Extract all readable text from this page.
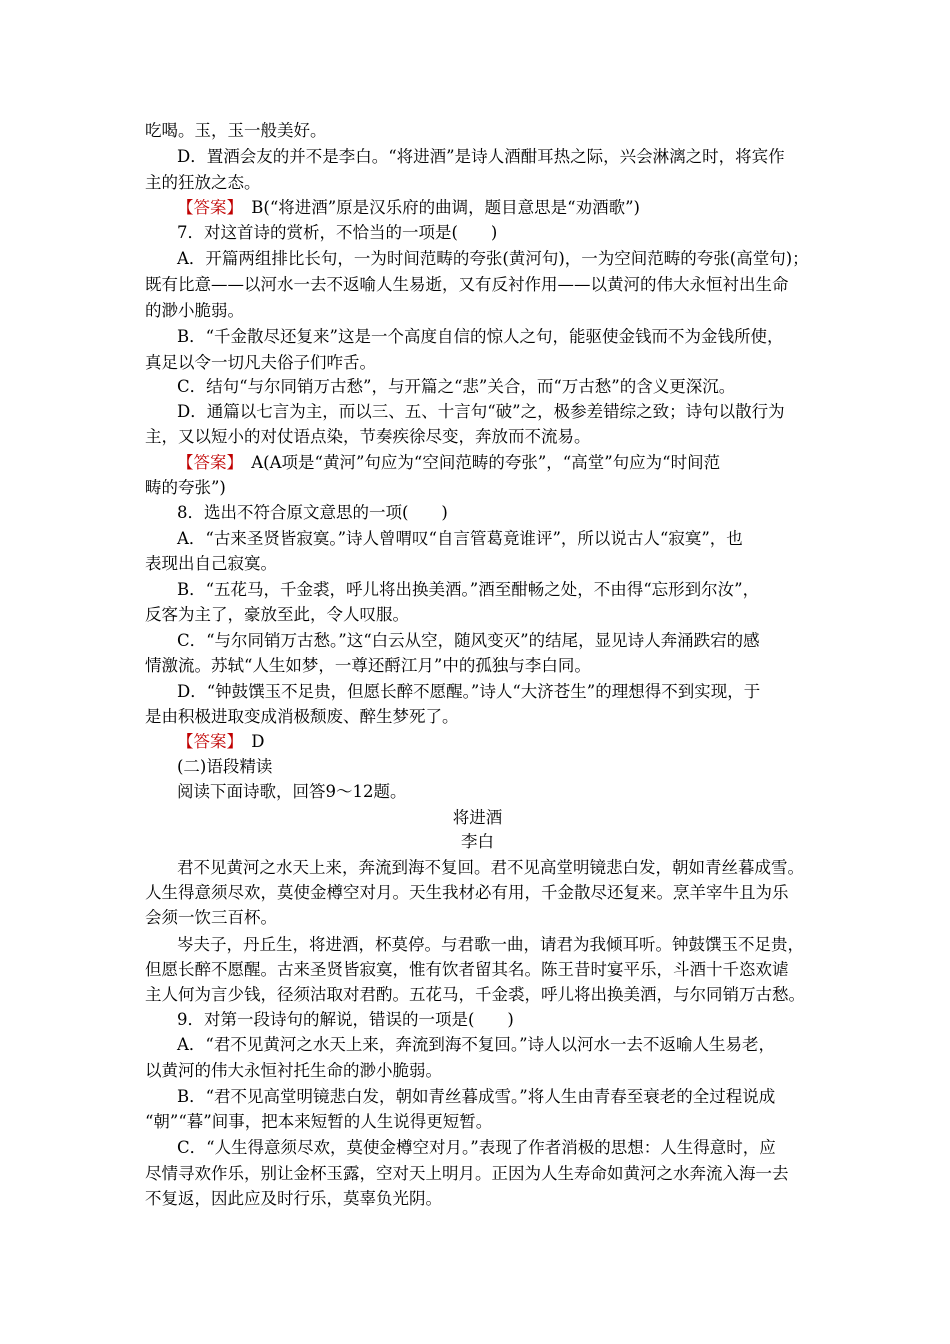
吃喝。玉，玉一般美好。
D．置酒会友的并不是李白。“将进酒”是诗人酒酣耳热之际，兴会淋漓之时，将宾作
主的狂放之态。
【答案】　B(“将进酒”原是汉乐府的曲调，题目意思是“劝酒歌”)
7．对这首诗的赏析，不恰当的一项是(　　)
A．开篇两组排比长句，一为时间范畴的夸张(黄河句)，一为空间范畴的夸张(高堂句)；
既有比意——以河水一去不返喻人生易逝，又有反衬作用——以黄河的伟大永恒衬出生命
的渺小脆弱。
B．“千金散尽还复来”这是一个高度自信的惊人之句，能驱使金钱而不为金钱所使，
真足以令一切凡夫俗子们咋舌。
C．结句“与尔同销万古愁”，与开篇之“悲”关合，而“万古愁”的含义更深沉。
D．通篇以七言为主，而以三、五、十言句“破”之，极参差错综之致；诗句以散行为
主，又以短小的对仗语点染，节奏疾徐尽变，奔放而不流易。
【答案】　A(A项是“黄河”句应为“空间范畴的夸张”，“高堂”句应为“时间范
畴的夸张”)
8．选出不符合原文意思的一项(　　)
A．“古来圣贤皆寂寞。”诗人曾喟叹“自言管葛竟谁评”，所以说古人“寂寞”，也
表现出自己寂寞。
B．“五花马，千金裘，呼儿将出换美酒。”酒至酣畅之处，不由得“忘形到尔汝”，
反客为主了，豪放至此，令人叹服。
C．“与尔同销万古愁。”这“白云从空，随风变灭”的结尾，显见诗人奔涌跌宕的感
情激流。苏轼“人生如梦，一尊还酹江月”中的孤独与李白同。
D．“钟鼓馔玉不足贵，但愿长醉不愿醒。”诗人“大济苍生”的理想得不到实现，于
是由积极进取变成消极颓废、醉生梦死了。
【答案】　D
(二)语段精读
阅读下面诗歌，回答9～12题。
将进酒
李白
君不见黄河之水天上来，奔流到海不复回。君不见高堂明镜悲白发，朝如青丝暮成雪。
人生得意须尽欢，莫使金樽空对月。天生我材必有用，千金散尽还复来。烹羊宰牛且为乐
会须一饮三百杯。
岑夫子，丹丘生，将进酒，杯莫停。与君歌一曲，请君为我倾耳听。钟鼓馔玉不足贵，
但愿长醉不愿醒。古来圣贤皆寂寞，惟有饮者留其名。陈王昔时宴平乐，斗酒十千恣欢谑
主人何为言少钱，径须沽取对君酌。五花马，千金裘，呼儿将出换美酒，与尔同销万古愁。
9．对第一段诗句的解说，错误的一项是(　　)
A．“君不见黄河之水天上来，奔流到海不复回。”诗人以河水一去不返喻人生易老，
以黄河的伟大永恒衬托生命的渺小脆弱。
B．“君不见高堂明镜悲白发，朝如青丝暮成雪。”将人生由青春至衰老的全过程说成
“朝”“暮”间事，把本来短暂的人生说得更短暂。
C．“人生得意须尽欢，莫使金樽空对月。”表现了作者消极的思想：人生得意时，应
尽情寻欢作乐，别让金杯玉露，空对天上明月。正因为人生寿命如黄河之水奔流入海一去
不复返，因此应及时行乐，莫辜负光阴。
